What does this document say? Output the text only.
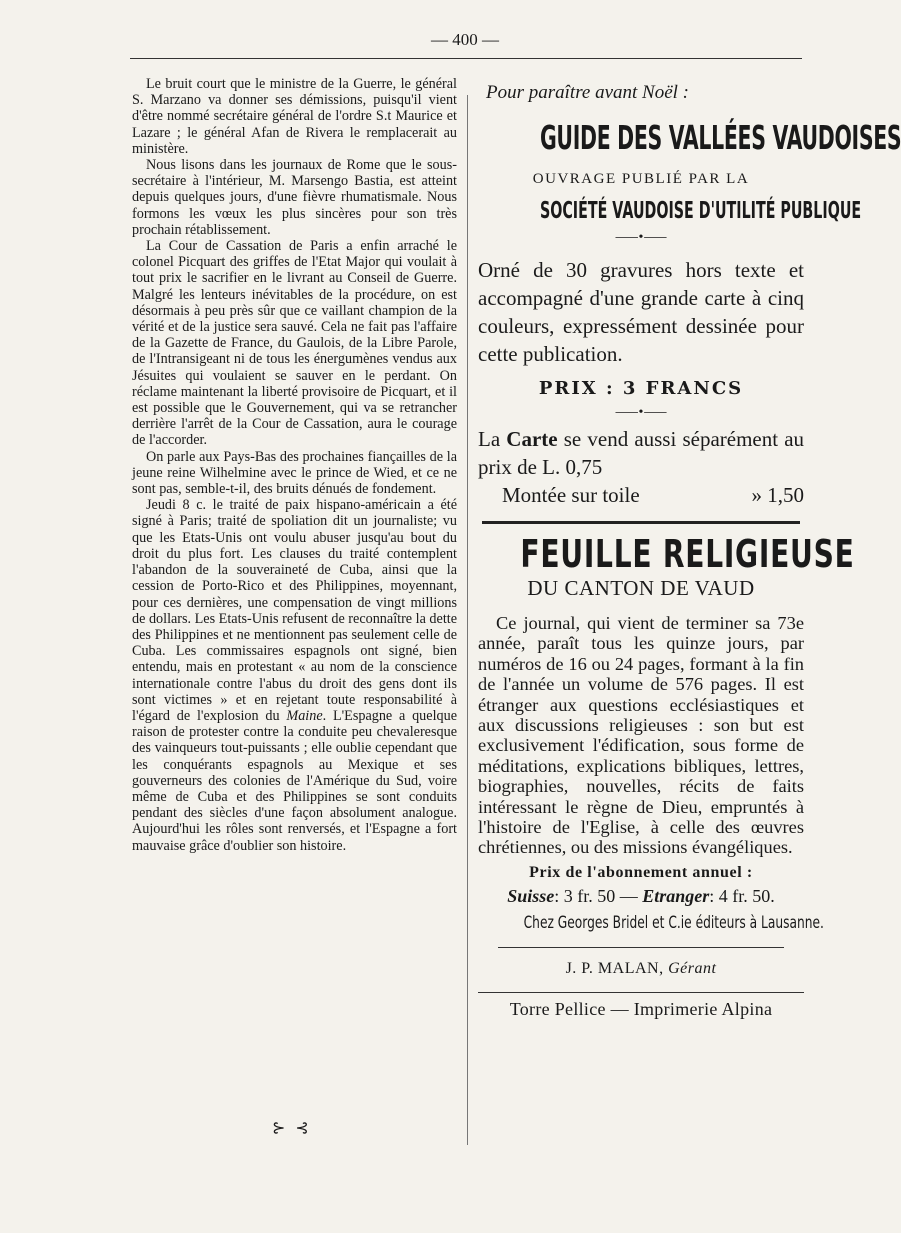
— 400 —

Le bruit court que le ministre de la Guerre, le général S. Marzano va donner ses démissions, puisqu'il vient d'être nommé secrétaire général de l'ordre S.t Maurice et Lazare ; le général Afan de Rivera le remplacerait au ministère.

Nous lisons dans les journaux de Rome que le sous-secrétaire à l'intérieur, M. Marsengo Bastia, est atteint depuis quelques jours, d'une fièvre rhumatismale. Nous formons les vœux les plus sincères pour son très prochain rétablissement.

La Cour de Cassation de Paris a enfin arraché le colonel Picquart des griffes de l'Etat Major qui voulait à tout prix le sacrifier en le livrant au Conseil de Guerre. Malgré les lenteurs inévitables de la procédure, on est désormais à peu près sûr que ce vaillant champion de la vérité et de la justice sera sauvé. Cela ne fait pas l'affaire de la Gazette de France, du Gaulois, de la Libre Parole, de l'Intransigeant ni de tous les énergumènes vendus aux Jésuites qui voulaient se sauver en le perdant. On réclame maintenant la liberté provisoire de Picquart, et il est possible que le Gouvernement, qui va se retrancher derrière l'arrêt de la Cour de Cassation, aura le courage de l'accorder.

On parle aux Pays-Bas des prochaines fiançailles de la jeune reine Wilhelmine avec le prince de Wied, et ce ne sont pas, semble-t-il, des bruits dénués de fondement.

Jeudi 8 c. le traité de paix hispano-américain a été signé à Paris; traité de spoliation dit un journaliste; vu que les Etats-Unis ont voulu abuser jusqu'au bout du droit du plus fort. Les clauses du traité contemplent l'abandon de la souveraineté de Cuba, ainsi que la cession de Porto-Rico et des Philippines, moyennant, pour ces dernières, une compensation de vingt millions de dollars. Les Etats-Unis refusent de reconnaître la dette des Philippines et ne mentionnent pas seulement celle de Cuba. Les commissaires espagnols ont signé, bien entendu, mais en protestant « au nom de la conscience internationale contre l'abus du droit des gens dont ils sont victimes » et en rejetant toute responsabilité à l'égard de l'explosion du Maine. L'Espagne a quelque raison de protester contre la conduite peu chevaleresque des vainqueurs tout-puissants ; elle oublie cependant que les conquérants espagnols au Mexique et ses gouverneurs des colonies de l'Amérique du Sud, voire même de Cuba et des Philippines se sont conduits pendant des siècles d'une façon absolument analogue. Aujourd'hui les rôles sont renversés, et l'Espagne a fort mauvaise grâce d'oublier son histoire.

⊱ ⊰
Pour paraître avant Noël :
GUIDE DES VALLÉES VAUDOISES
OUVRAGE PUBLIÉ PAR LA
SOCIÉTÉ VAUDOISE D'UTILITÉ PUBLIQUE
⸺•⸺
Orné de 30 gravures hors texte et accompagné d'une grande carte à cinq couleurs, expressément dessinée pour cette publication.
PRIX : 3 FRANCS
⸺•⸺
La Carte se vend aussi séparément au prix de L. 0,75
Montée sur toile	» 1,50
FEUILLE RELIGIEUSE
DU CANTON DE VAUD

Ce journal, qui vient de terminer sa 73e année, paraît tous les quinze jours, par numéros de 16 ou 24 pages, formant à la fin de l'année un volume de 576 pages. Il est étranger aux questions ecclésiastiques et aux discussions religieuses : son but est exclusivement l'édification, sous forme de méditations, explications bibliques, lettres, biographies, nouvelles, récits de faits intéressant le règne de Dieu, empruntés à l'histoire de l'Eglise, à celle des œuvres chrétiennes, ou des missions évangéliques.

Prix de l'abonnement annuel :
Suisse: 3 fr. 50 — Etranger: 4 fr. 50.
Chez Georges Bridel et C.ie éditeurs à Lausanne.
J. P. MALAN, Gérant
Torre Pellice — Imprimerie Alpina
